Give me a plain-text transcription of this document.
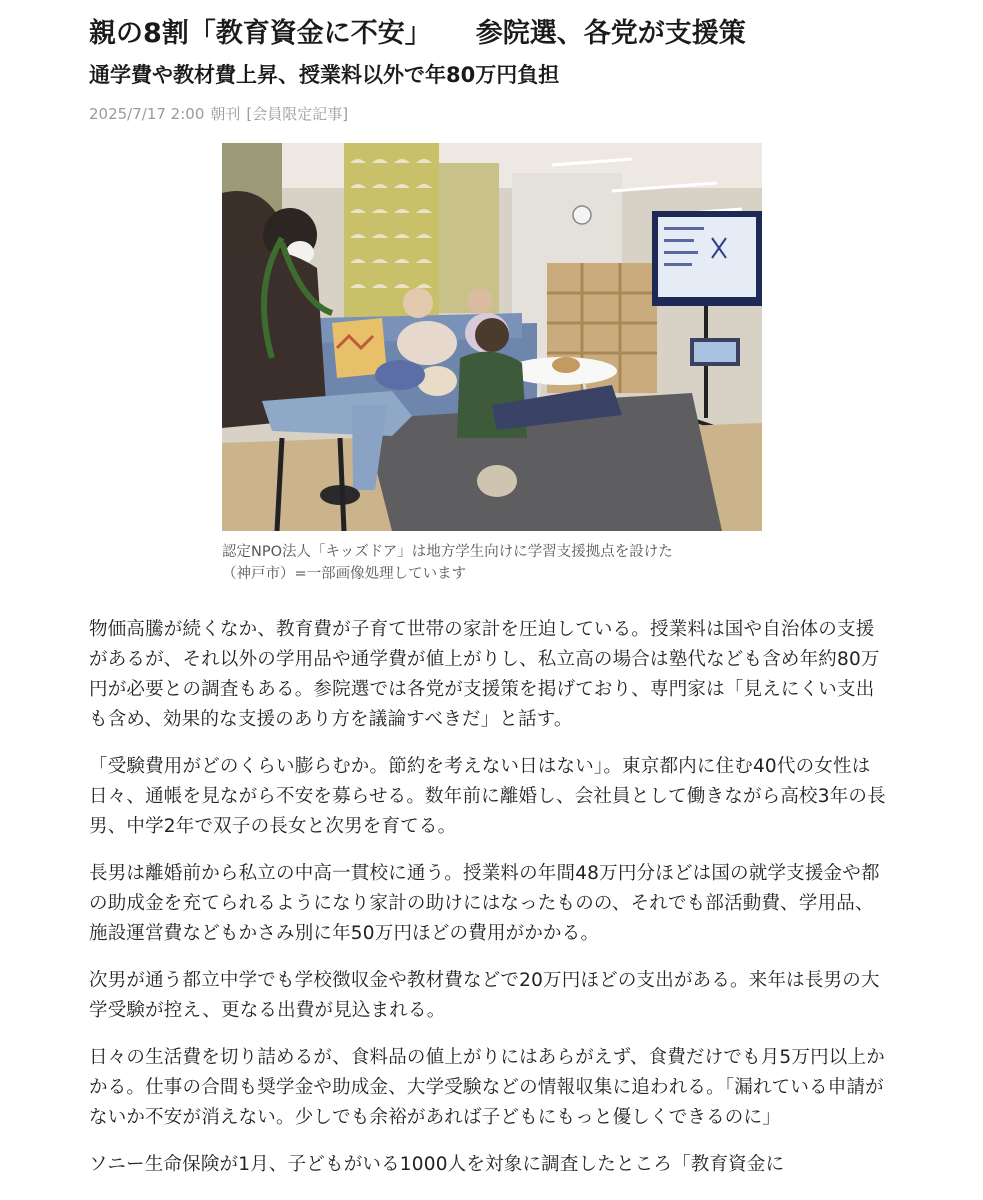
親の8割「教育資金に不安」 参院選、各党が支援策
通学費や教材費上昇、授業料以外で年80万円負担
2025/7/17 2:00 朝刊 [会員限定記事]
認定NPO法人「キッズドア」は地方学生向けに学習支援拠点を設けた
（神戸市）=一部画像処理しています

物価高騰が続くなか、教育費が子育て世帯の家計を圧迫している。授業料は国や自治体の支援があるが、それ以外の学用品や通学費が値上がりし、私立高の場合は塾代なども含め年約80万円が必要との調査もある。参院選では各党が支援策を掲げており、専門家は「見えにくい支出も含め、効果的な支援のあり方を議論すべきだ」と話す。

「受験費用がどのくらい膨らむか。節約を考えない日はない」。東京都内に住む40代の女性は日々、通帳を見ながら不安を募らせる。数年前に離婚し、会社員として働きながら高校3年の長男、中学2年で双子の長女と次男を育てる。

長男は離婚前から私立の中高一貫校に通う。授業料の年間48万円分ほどは国の就学支援金や都の助成金を充てられるようになり家計の助けにはなったものの、それでも部活動費、学用品、施設運営費などもかさみ別に年50万円ほどの費用がかかる。

次男が通う都立中学でも学校徴収金や教材費などで20万円ほどの支出がある。来年は長男の大学受験が控え、更なる出費が見込まれる。

日々の生活費を切り詰めるが、食料品の値上がりにはあらがえず、食費だけでも月5万円以上かかる。仕事の合間も奨学金や助成金、大学受験などの情報収集に追われる。「漏れている申請がないか不安が消えない。少しでも余裕があれば子どもにもっと優しくできるのに」

ソニー生命保険が1月、子どもがいる1000人を対象に調査したところ「教育資金に
